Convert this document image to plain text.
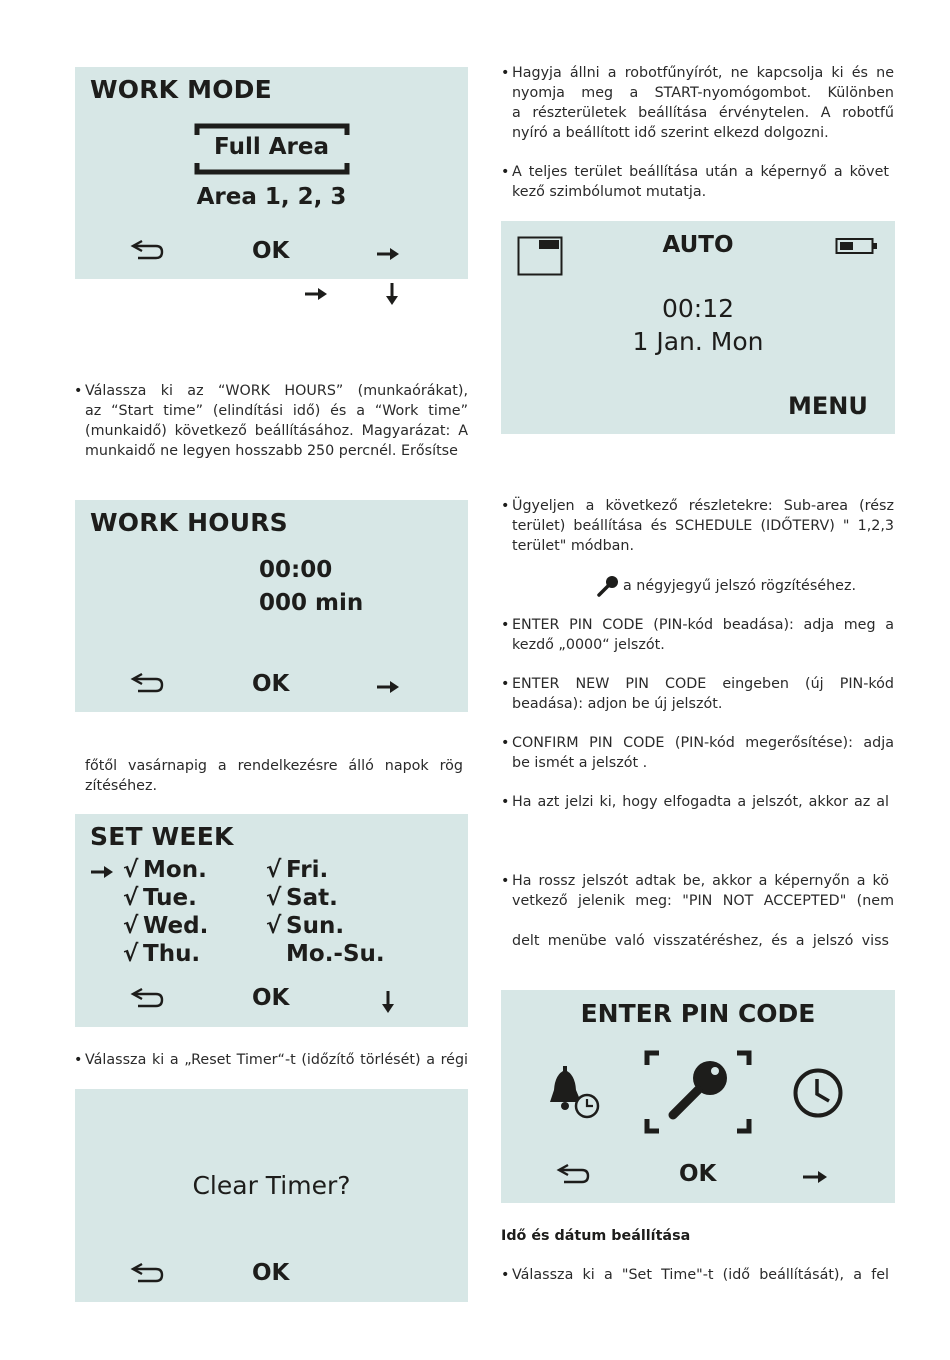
WORK MODE
Full Area
Area 1, 2, 3
OK
• Válassza ki az “WORK HOURS” (munkaórákat),
az “Start time” (elindítási idő) és a “Work time”
(munkaidő) következő beállításához. Magyarázat: A
munkaidő ne legyen hosszabb 250 percnél. Erősítse
WORK HOURS
00:00
000 min
OK
főtől vasárnapig a rendelkezésre álló napok rög
zítéséhez.
SET WEEK
√ Mon.
√ Tue.
√ Wed.
√ Thu.
√ Fri.
√ Sat.
√ Sun.
Mo.-Su.
OK
• Válassza ki a „Reset Timer“-t (időzítő törlését) a régi
Clear Timer?
OK
• Hagyja állni a robotfűnyírót, ne kapcsolja ki és ne
nyomja meg a START-nyomógombot. Különben
a részterületek beállítása érvénytelen. A robotfű
nyíró a beállított idő szerint elkezd dolgozni.
• A teljes terület beállítása után a képernyő a követ
kező szimbólumot mutatja.
AUTO
00:12
1 Jan. Mon
MENU
• Ügyeljen a következő részletekre: Sub-area (rész
terület) beállítása és SCHEDULE (IDŐTERV) " 1,2,3
terület" módban.
a négyjegyű jelszó rögzítéséhez.
• ENTER PIN CODE (PIN-kód beadása): adja meg a
kezdő „0000“ jelszót.
• ENTER NEW PIN CODE eingeben (új PIN-kód
beadása): adjon be új jelszót.
• CONFIRM PIN CODE (PIN-kód megerősítése): adja
be ismét a jelszót .
• Ha azt jelzi ki, hogy elfogadta a jelszót, akkor az al
• Ha rossz jelszót adtak be, akkor a képernyőn a kö
vetkező jelenik meg: "PIN NOT ACCEPTED" (nem
delt menübe való visszatéréshez, és a jelszó viss
ENTER PIN CODE
OK
Idő és dátum beállítása
• Válassza ki a "Set Time"-t (idő beállítását), a fel
